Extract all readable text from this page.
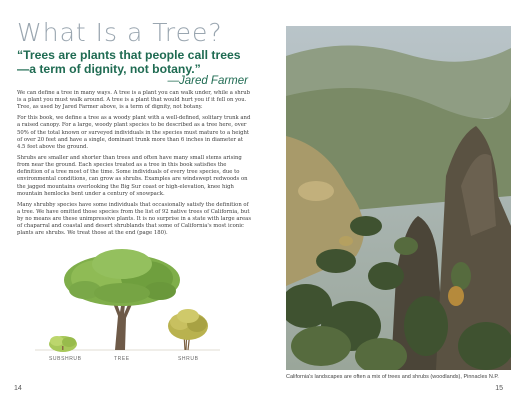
What Is a Tree?
“Trees are plants that people call trees—a term of dignity, not botany.”
—Jared Farmer

We can define a tree in many ways. A tree is a plant you can walk under, while a shrub is a plant you must walk around. A tree is a plant that would hurt you if it fell on you. Tree, as used by Jared Farmer above, is a term of dignity, not botany.

For this book, we define a tree as a woody plant with a well-defined, solitary trunk and a raised canopy. For a large, woody plant species to be described as a tree here, over 50% of the total known or surveyed individuals in the species must mature to a height of over 20 feet and have a single, dominant trunk more than 6 inches in diameter at 4.5 feet above the ground.

Shrubs are smaller and shorter than trees and often have many small stems arising from near the ground. Each species treated as a tree in this book satisfies the definition of a tree most of the time. Some individuals of every tree species, due to environmental conditions, can grow as shrubs. Examples are windswept redwoods on the jagged mountains overlooking the Big Sur coast or high-elevation, knee high mountain hemlocks bent under a century of snowpack.

Many shrubby species have some individuals that occasionally satisfy the definition of a tree. We have omitted those species from the list of 92 native trees of California, but by no means are these unimpressive plants. It is no surprise in a state with large areas of chaparral and coastal and desert shrublands that some of California's most iconic plants are shrubs. We treat those at the end (page 180).

SUBSHRUB	TREE	SHRUB
14
California's landscapes are often a mix of trees and shrubs (woodlands), Pinnacles N.P.
15
